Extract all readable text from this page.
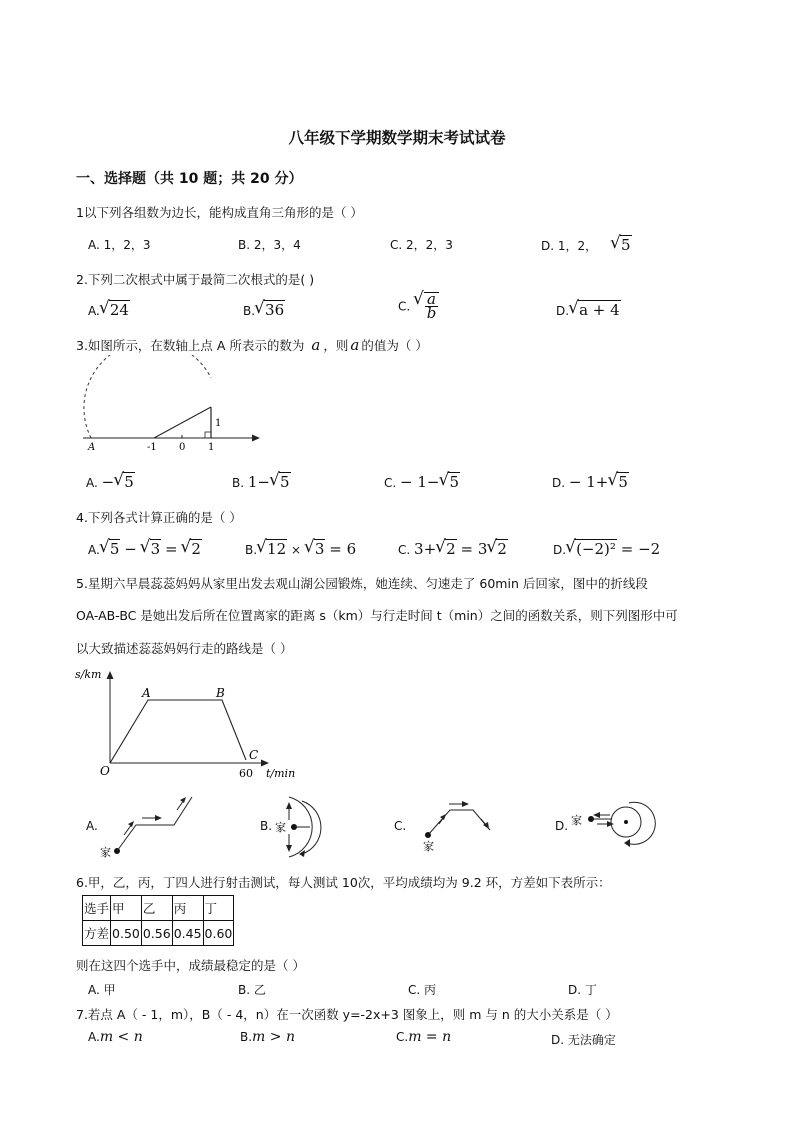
八年级下学期数学期末考试试卷
一、选择题（共 10 题；共 20 分）
1以下列各组数为边长，能构成直角三角形的是（ ）
A. 1，2，3	B. 2，3，4	C. 2，2，3	D. 1，2， √ 5
2.下列二次根式中属于最简二次根式的是( )
A. √ 24	B. √ 36	C. √ $\frac{a}{b}$	D. √ a + 4
3.如图所示，在数轴上点 A 所表示的数为 a ，则 a 的值为（ ）
A	-1 0 1
1
A. − √ 5	B. 1− √ 5	C. − 1− √ 5	D. − 1+ √ 5
4.下列各式计算正确的是（ ）
A. √ 5 − √ 3 = √ 2	B. √ 12 × √ 3 = 6	C. 3+ √ 2 = 3 √ 2	D. √ (−2)² = −2
5.星期六早晨蕊蕊妈妈从家里出发去观山湖公园锻炼，她连续、匀速走了 60min 后回家，图中的折线段
OA-AB-BC 是她出发后所在位置离家的距离 s（km）与行走时间 t（min）之间的函数关系，则下列图形中可
以大致描述蕊蕊妈妈行走的路线是（ ）
s/km
t/min
O
A	B
C
60
A.
家
B. 家	C.
家
D. 家
6.甲，乙，丙，丁四人进行射击测试，每人测试 10次，平均成绩均为 9.2 环，方差如下表所示：
选手	甲	乙	丙	丁
方差	0.50	0.56	0.45	0.60
则在这四个选手中，成绩最稳定的是（ ）
A. 甲	B. 乙	C. 丙	D. 丁
7.若点 A（ - 1，m），B（ - 4，n）在一次函数 y=-2x+3 图象上，则 m 与 n 的大小关系是（ ）
A.m < n	B.m > n	C.m = n	D. 无法确定
